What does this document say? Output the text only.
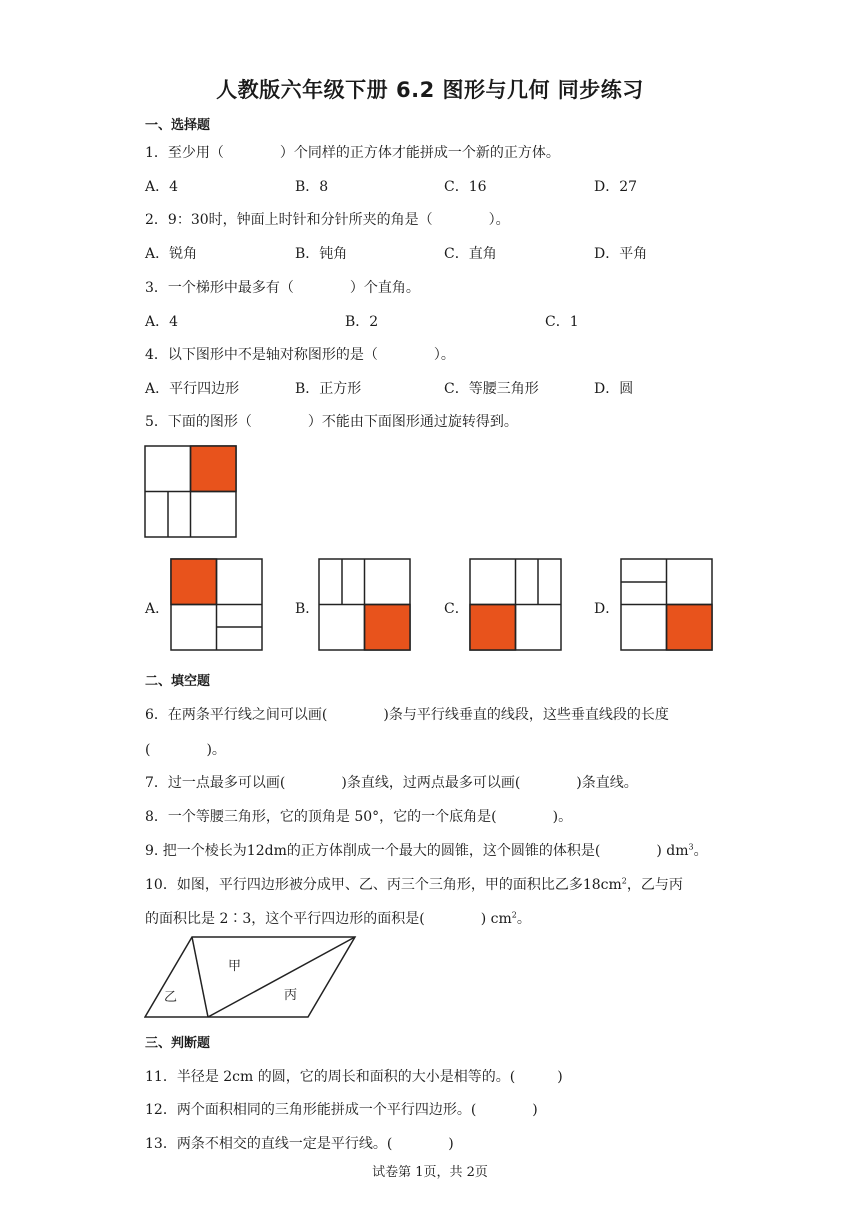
人教版六年级下册 6.2 图形与几何 同步练习
一、选择题
1．至少用（　　　　）个同样的正方体才能拼成一个新的正方体。
A．4	B．8	C．16	D．27
2．9：30时，钟面上时针和分针所夹的角是（　　　　）。
A．锐角	B．钝角	C．直角	D．平角
3．一个梯形中最多有（　　　　）个直角。
A．4	B．2	C．1
4．以下图形中不是轴对称图形的是（　　　　）。
A．平行四边形	B．正方形	C．等腰三角形	D．圆
5．下面的图形（　　　　）不能由下面图形通过旋转得到。
A．	B．	C．	D．
二、填空题
6．在两条平行线之间可以画(　　　　)条与平行线垂直的线段，这些垂直线段的长度
(　　　　)。
7．过一点最多可以画(　　　　)条直线，过两点最多可以画(　　　　)条直线。
8．一个等腰三角形，它的顶角是 50°，它的一个底角是(　　　　)。
9. 把一个棱长为12dm的正方体削成一个最大的圆锥，这个圆锥的体积是(　　　　) $dm^3$。
10．如图，平行四边形被分成甲、乙、丙三个三角形，甲的面积比乙多$18cm^2$，乙与丙
的面积比是 2∶3，这个平行四边形的面积是(　　　　) $cm^2$。
甲
乙	丙
三、判断题
11．半径是 2cm 的圆，它的周长和面积的大小是相等的。(　　　)
12．两个面积相同的三角形能拼成一个平行四边形。(　　　　)
13．两条不相交的直线一定是平行线。(　　　　)
试卷第 1页，共 2页
